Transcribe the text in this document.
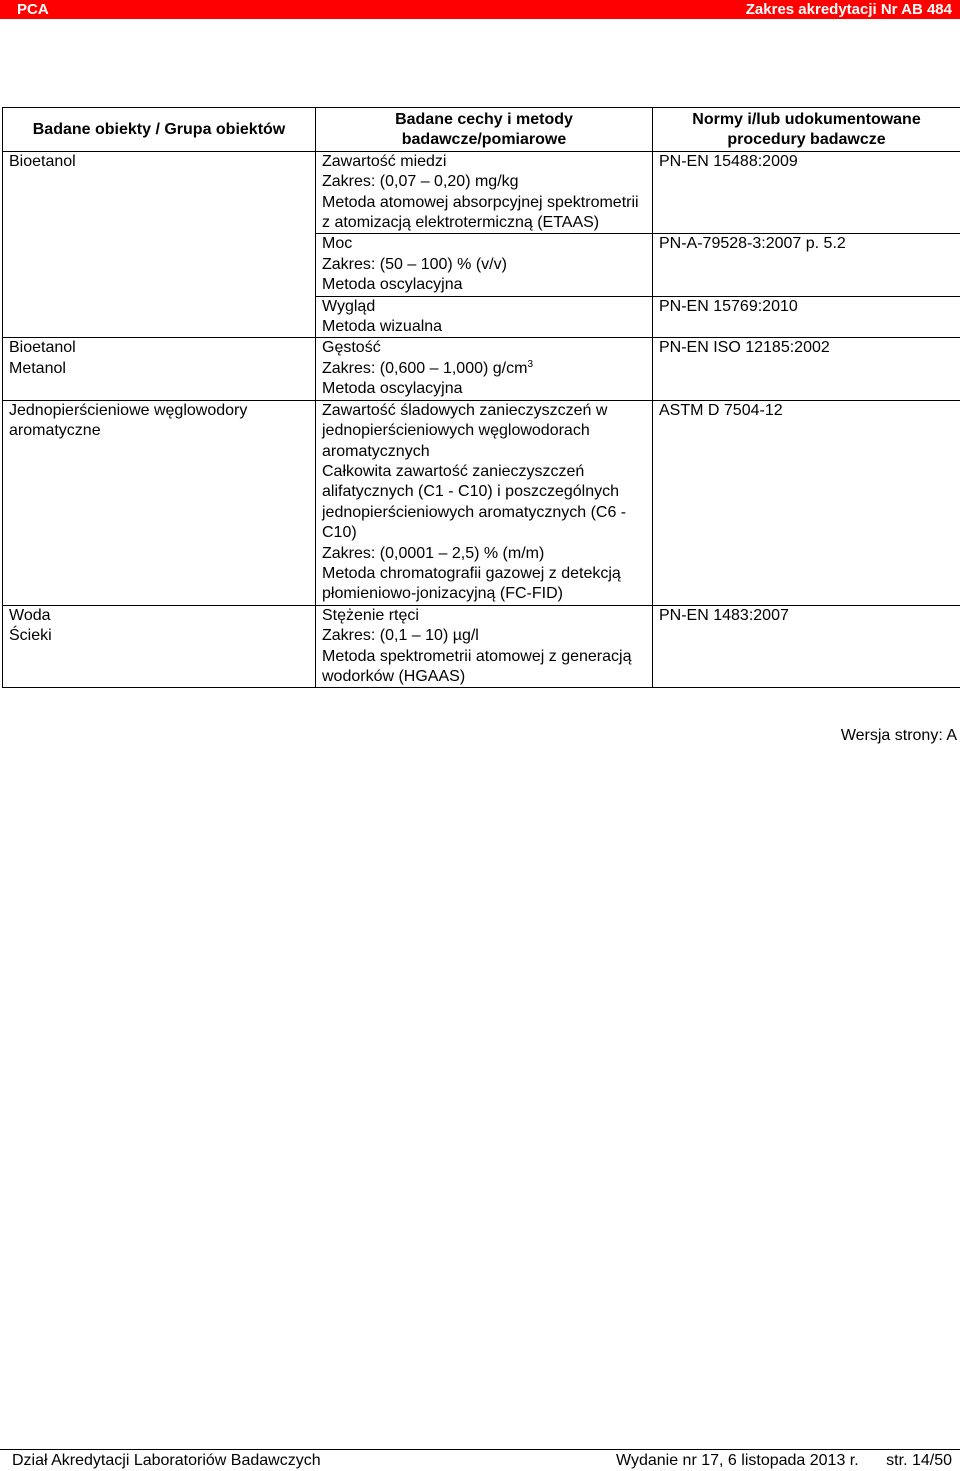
PCA	Zakres akredytacji Nr AB 484
Badane obiekty / Grupa obiektów	Badane cechy i metody badawcze/pomiarowe	Normy i/lub udokumentowane procedury badawcze

Bioetanol	Zawartość miedzi
Zakres: (0,07 – 0,20) mg/kg
Metoda atomowej absorpcyjnej spektrometrii z atomizacją elektrotermiczną (ETAAS)	PN-EN 15488:2009

	Moc
Zakres: (50 – 100) % (v/v)
Metoda oscylacyjna	PN-A-79528-3:2007 p. 5.2

	Wygląd
Metoda wizualna	PN-EN 15769:2010

Bioetanol
Metanol	Gęstość
Zakres: (0,600 – 1,000) $g/cm^3$
Metoda oscylacyjna	PN-EN ISO 12185:2002

Jednopierścieniowe węglowodory aromatyczne	Zawartość śladowych zanieczyszczeń w jednopierścieniowych węglowodorach aromatycznych
Całkowita zawartość zanieczyszczeń alifatycznych (C1 - C10) i poszczególnych jednopierścieniowych aromatycznych (C6 - C10)
Zakres: (0,0001 – 2,5) % (m/m)
Metoda chromatografii gazowej z detekcją płomieniowo-jonizacyjną (FC-FID)	ASTM D 7504-12

Woda
Ścieki	Stężenie rtęci
Zakres: (0,1 – 10) µg/l
Metoda spektrometrii atomowej z generacją wodorków (HGAAS)	PN-EN 1483:2007
Wersja strony: A
Dział Akredytacji Laboratoriów Badawczych	Wydanie nr 17, 6 listopada 2013 r. str. 14/50
